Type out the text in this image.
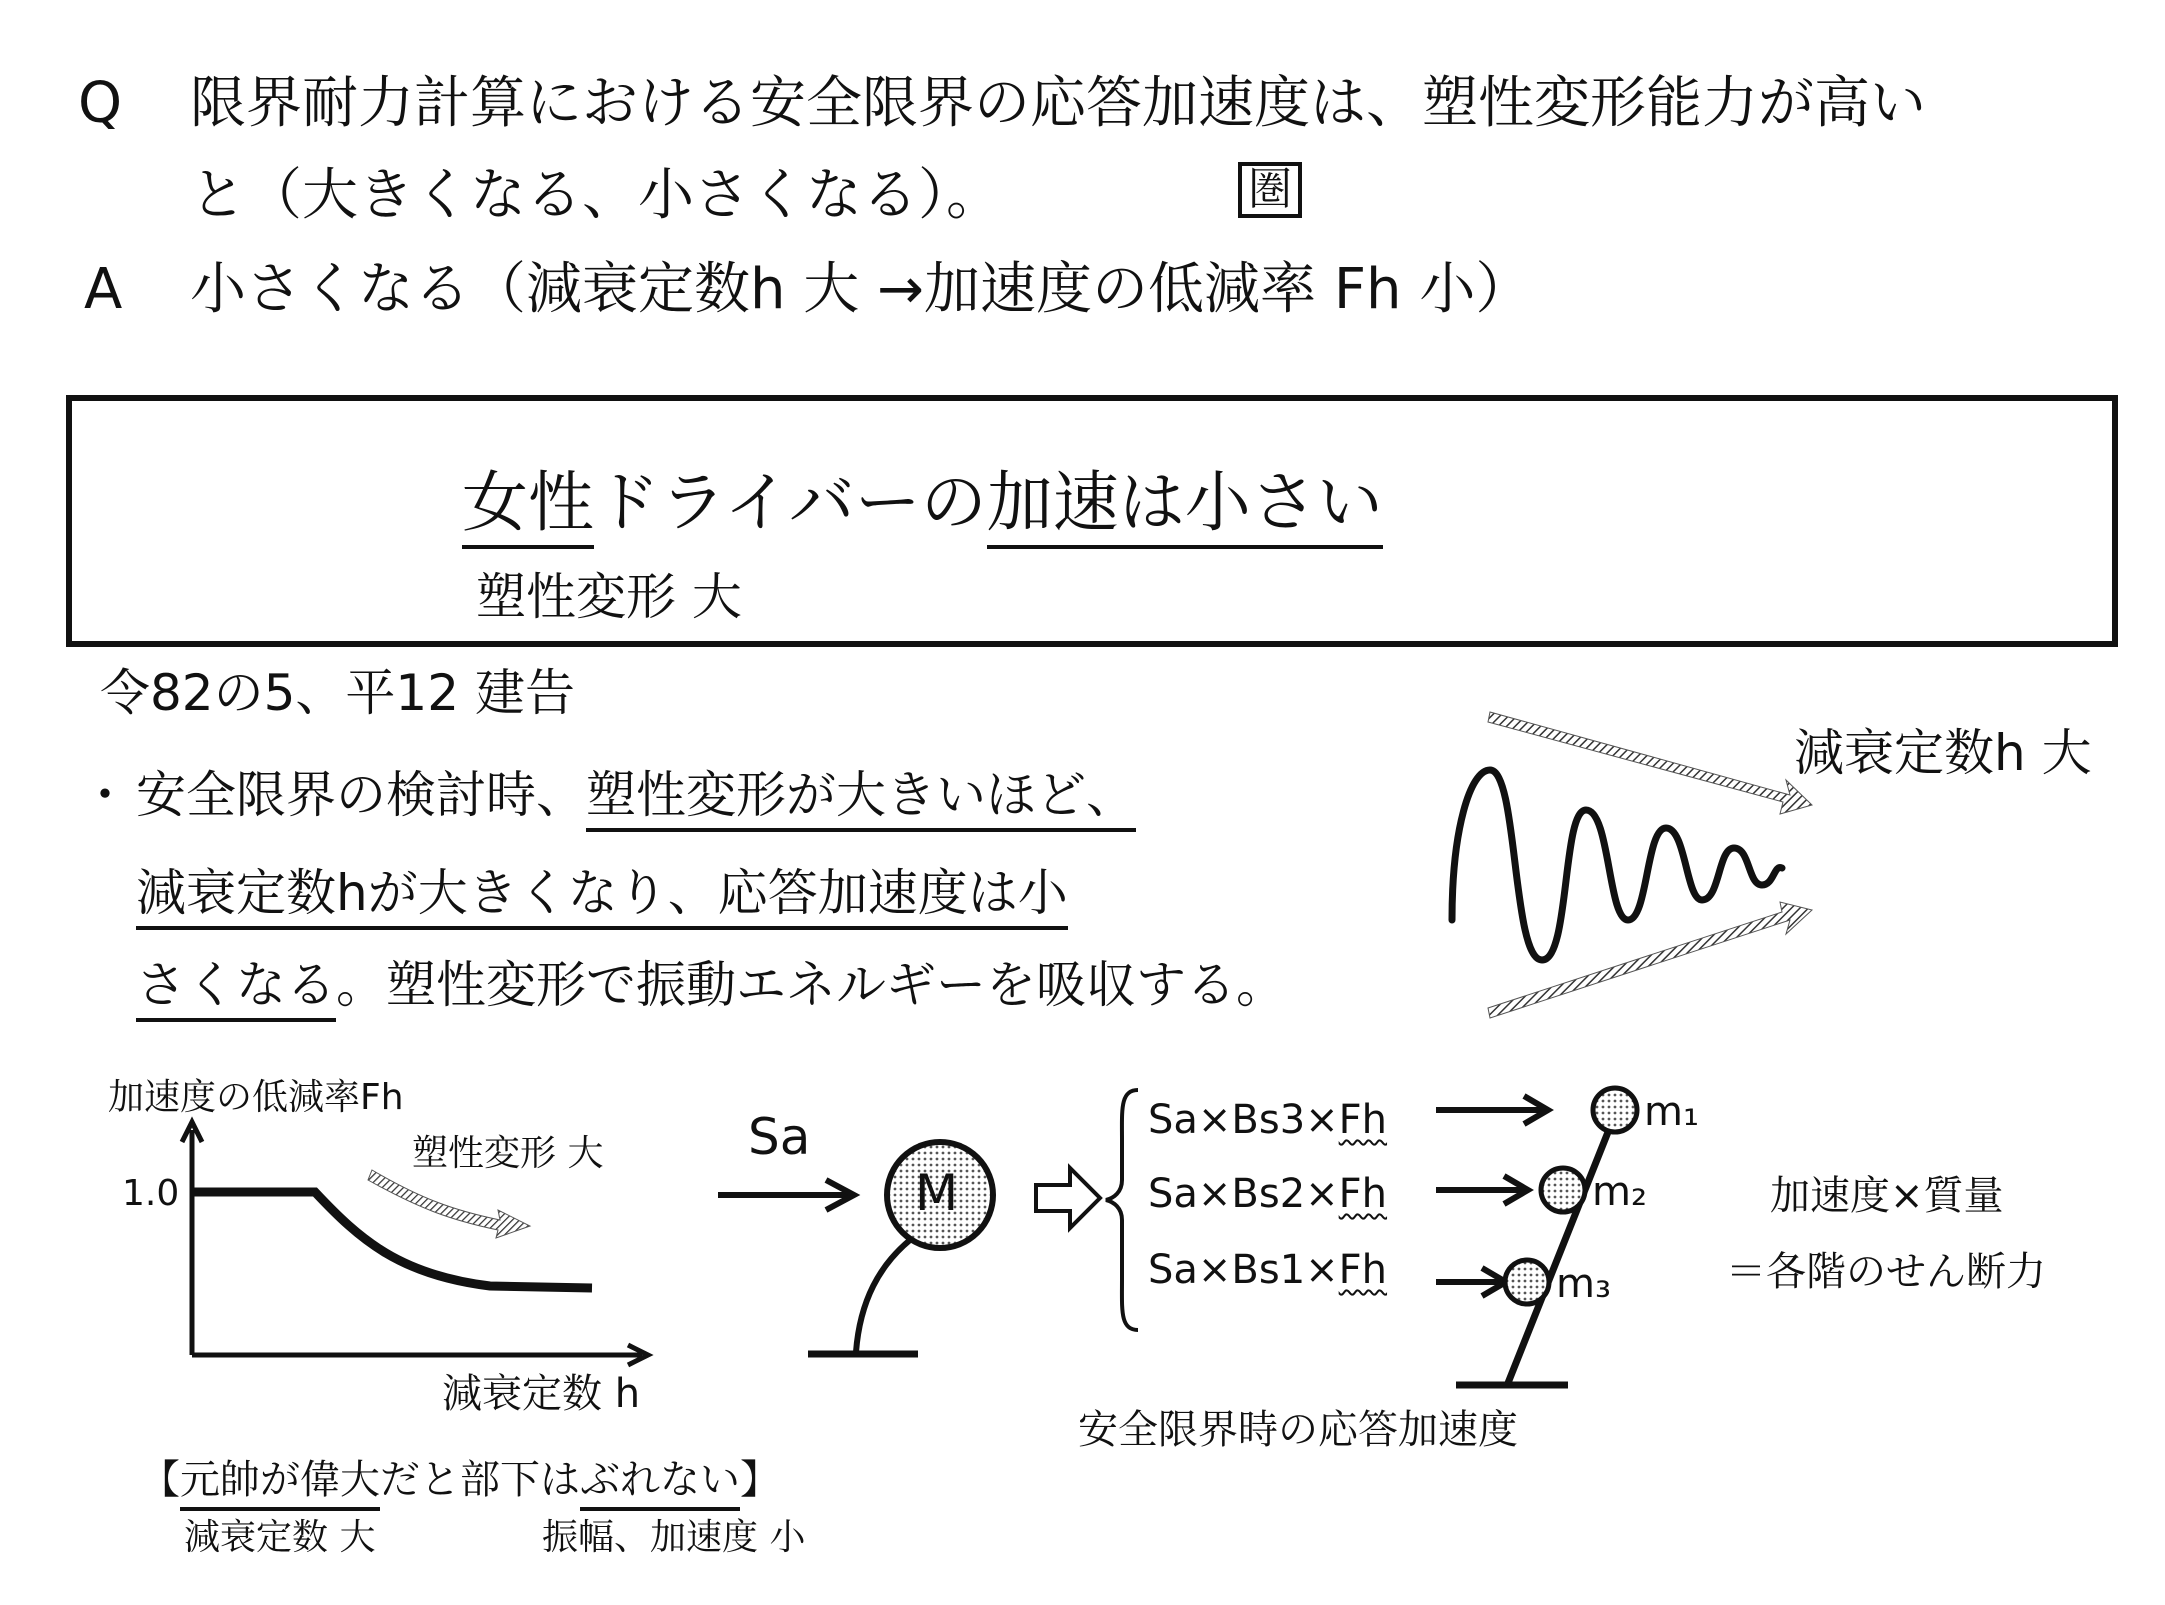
Q 限界耐力計算における安全限界の応答加速度は、塑性変形能力が高い
と（大きくなる、小さくなる）。	圏
A 小さくなる（減衰定数h 大 →加速度の低減率 Fh 小）
女性ドライバーの加速は小さい
塑性変形 大
令82の5、平12 建告
・ 安全限界の検討時、塑性変形が大きいほど、
減衰定数hが大きくなり、応答加速度は小
さくなる。塑性変形で振動エネルギーを吸収する。
減衰定数h 大
加速度の低減率Fh
1.0
塑性変形 大
減衰定数 h
Sa
M
Sa×Bs3×Fh
Sa×Bs2×Fh
Sa×Bs1×Fh
m₁
m₂
m₃
安全限界時の応答加速度
加速度×質量
＝各階のせん断力
【元帥が偉大だと部下はぶれない】
減衰定数 大	振幅、加速度 小
